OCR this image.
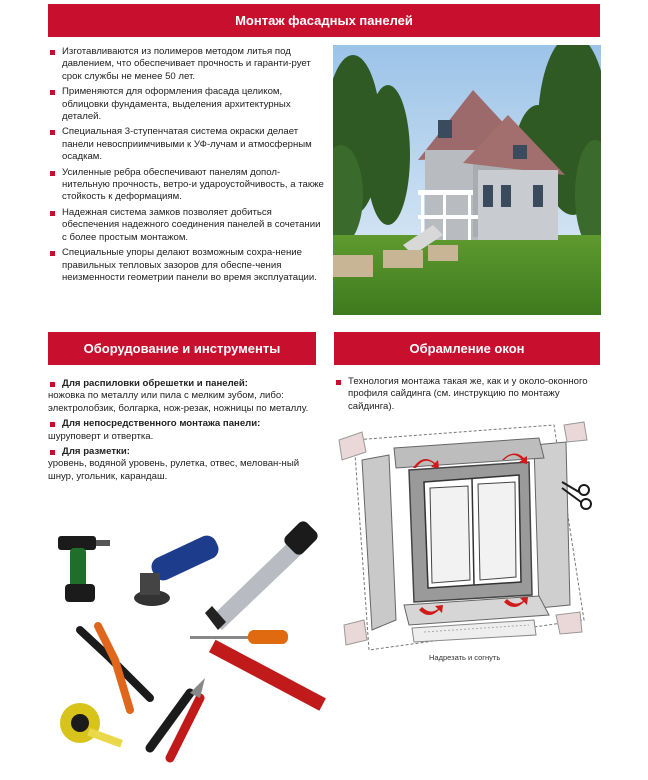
Монтаж фасадных панелей
Оборудование и инструменты	Обрамление окон
Изготавливаются из полимеров методом литья под давлением, что обеспечивает прочность и гаранти-рует срок службы не менее 50 лет.
Применяются для оформления фасада целиком, облицовки фундамента, выделения архитектурных деталей.
Специальная 3-ступенчатая система окраски делает панели невосприимчивыми к УФ-лучам и атмосферным осадкам.
Усиленные ребра обеспечивают панелям допол-нительную прочность, ветро-и удароустойчивость, а также стойкость к деформациям.
Надежная система замков позволяет добиться обеспечения надежного соединения панелей в сочетании с более простым монтажом.
Специальные упоры делают возможным сохра-нение правильных тепловых зазоров для обеспе-чения неизменности геометрии панели во время эксплуатации.
Для распиловки обрешетки и панелей:
ножовка по металлу или пила с мелким зубом, либо: электролобзик, болгарка, нож-резак, ножницы по металлу.
Для непосредственного монтажа панели:
шуруповерт и отвертка.
Для разметки:
уровень, водяной уровень, рулетка, отвес, мелован-ный шнур, угольник, карандаш.
Технология монтажа такая же, как и у около-оконного профиля сайдинга (см. инструкцию по монтажу сайдинга).
Надрезать и согнуть
